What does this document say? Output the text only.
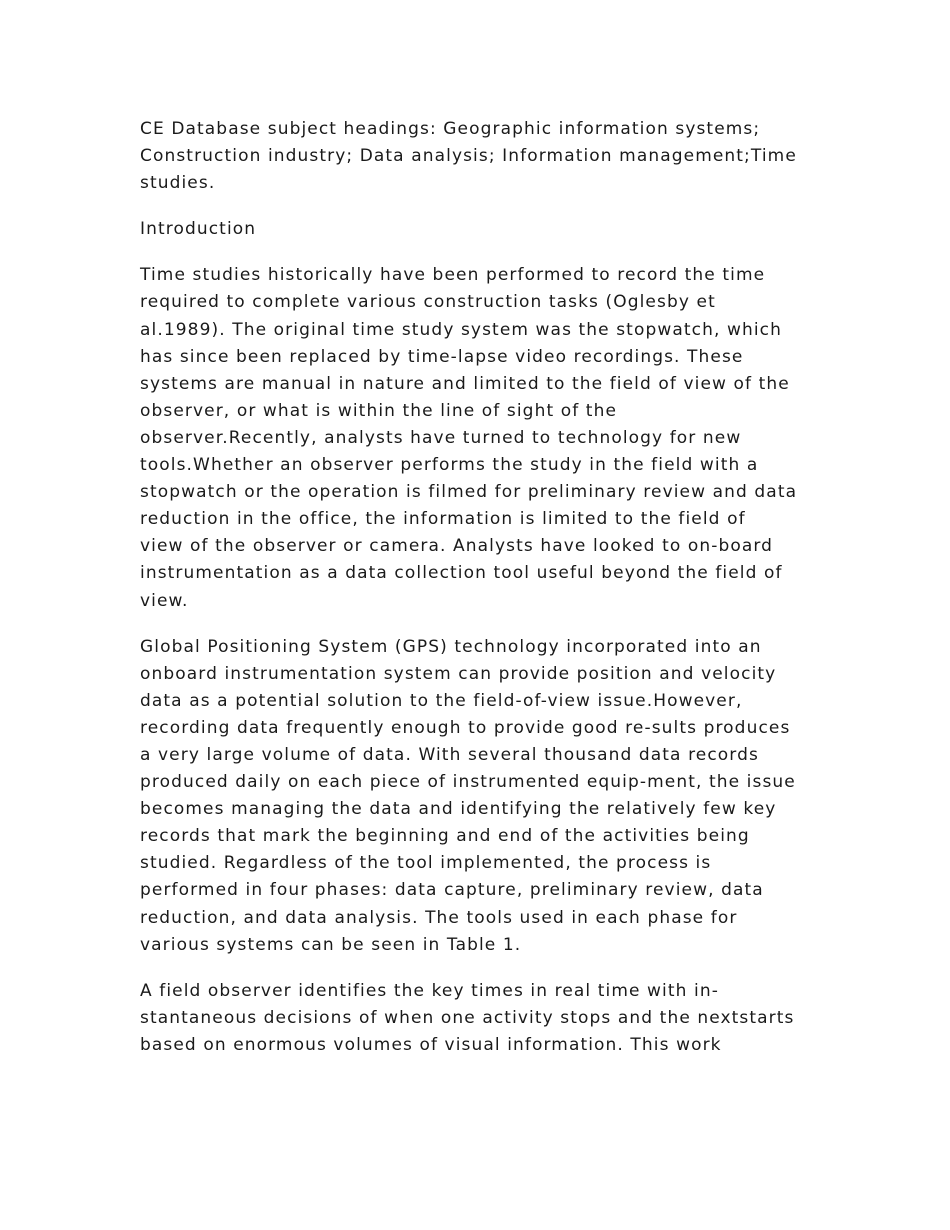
CE Database subject headings: Geographic information systems;
Construction industry; Data analysis; Information management;Time
studies.

Introduction

Time studies historically have been performed to record the time
required to complete various construction tasks (Oglesby et
al.1989). The original time study system was the stopwatch, which
has since been replaced by time-lapse video recordings. These
systems are manual in nature and limited to the field of view of the
observer, or what is within the line of sight of the
observer.Recently, analysts have turned to technology for new
tools.Whether an observer performs the study in the field with a
stopwatch or the operation is filmed for preliminary review and data
reduction in the office, the information is limited to the field of
view of the observer or camera. Analysts have looked to on-board
instrumentation as a data collection tool useful beyond the field of
view.

Global Positioning System (GPS) technology incorporated into an
onboard instrumentation system can provide position and velocity
data as a potential solution to the field-of-view issue.However,
recording data frequently enough to provide good re-sults produces
a very large volume of data. With several thousand data records
produced daily on each piece of instrumented equip-ment, the issue
becomes managing the data and identifying the relatively few key
records that mark the beginning and end of the activities being
studied. Regardless of the tool implemented, the process is
performed in four phases: data capture, preliminary review, data
reduction, and data analysis. The tools used in each phase for
various systems can be seen in Table 1.

A field observer identifies the key times in real time with in-
stantaneous decisions of when one activity stops and the nextstarts
based on enormous volumes of visual information. This work
